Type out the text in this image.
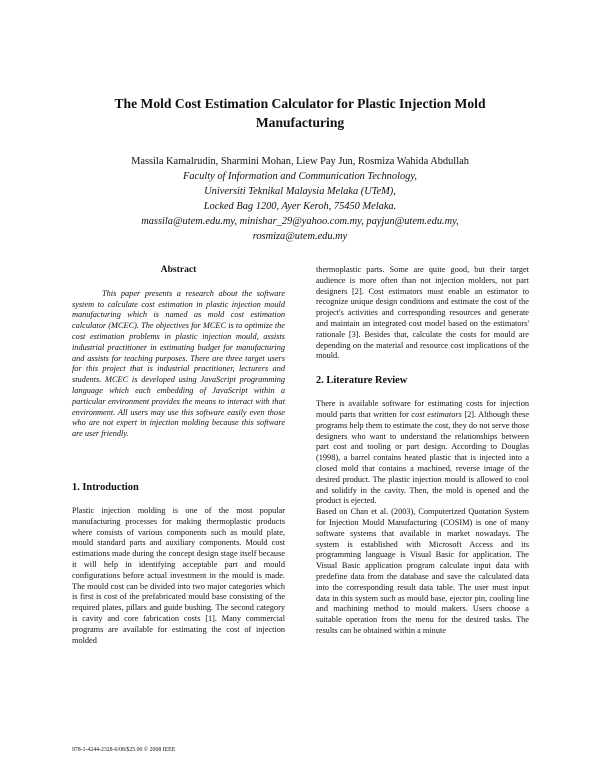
The Mold Cost Estimation Calculator for Plastic Injection Mold
Manufacturing
Massila Kamalrudin, Sharmini Mohan, Liew Pay Jun, Rosmiza Wahida Abdullah
Faculty of Information and Communication Technology,
Universiti Teknikal Malaysia Melaka (UTeM),
Locked Bag 1200, Ayer Keroh, 75450 Melaka.
massila@utem.edu.my, minishar_29@yahoo.com.my, payjun@utem.edu.my,
rosmiza@utem.edu.my
Abstract

This paper presents a research about the software system to calculate cost estimation in plastic injection mould manufacturing which is named as mold cost estimation calculator (MCEC). The objectives for MCEC is to optimize the cost estimation problems in plastic injection mould, assists industrial practitioner in estimating budget for manufacturing and assists for teaching purposes. There are three target users for this project that is industrial practitioner, lecturers and students. MCEC is developed using JavaScript programming language which each embedding of JavaScript within a particular environment provides the means to interact with that environment. All users may use this software easily even those who are not expert in injection molding because this software are user friendly.

1. Introduction

Plastic injection molding is one of the most popular manufacturing processes for making thermoplastic products where consists of various components such as mould plate, mould standard parts and auxiliary components. Mould cost estimations made during the concept design stage itself because it will help in identifying acceptable part and mould configurations before actual investment in the mould is made. The mould cost can be divided into two major categories which is first is cost of the prefabricated mould base consisting of the required plates, pillars and guide bushing. The second category is cavity and core fabrication costs [1]. Many commercial programs are available for estimating the cost of injection molded

thermoplastic parts. Some are quite good, but their target audience is more often than not injection molders, not part designers [2]. Cost estimators must enable an estimator to recognize unique design conditions and estimate the cost of the project's activities and corresponding resources and generate and maintain an integrated cost model based on the estimators' rationale [3]. Besides that, calculate the costs for mould are depending on the material and resource cost implications of the mould.

2. Literature Review

There is available software for estimating costs for injection mould parts that written for cost estimators [2]. Although these programs help them to estimate the cost, they do not serve those designers who want to understand the relationships between part cost and tooling or part design. According to Douglas (1998), a barrel contains heated plastic that is injected into a closed mold that contains a machined, reverse image of the desired product. The plastic injection mould is allowed to cool and solidify in the cavity. Then, the mold is opened and the product is ejected.

Based on Chan et al. (2003), Computerized Quotation System for Injection Mould Manufacturing (COSIM) is one of many software systems that available in market nowadays. The system is established with Microsoft Access and its programming language is Visual Basic for application. The Visual Basic application program calculate input data with predefine data from the database and save the calculated data into the corresponding result data table. The user must input data in this system such as mould base, ejector pin, cooling line and machining method to mould makers. Users choose a suitable operation from the menu for the desired tasks. The results can be obtained within a minute

978-1-4244-2328-6/08/$25.00 © 2008 IEEE
